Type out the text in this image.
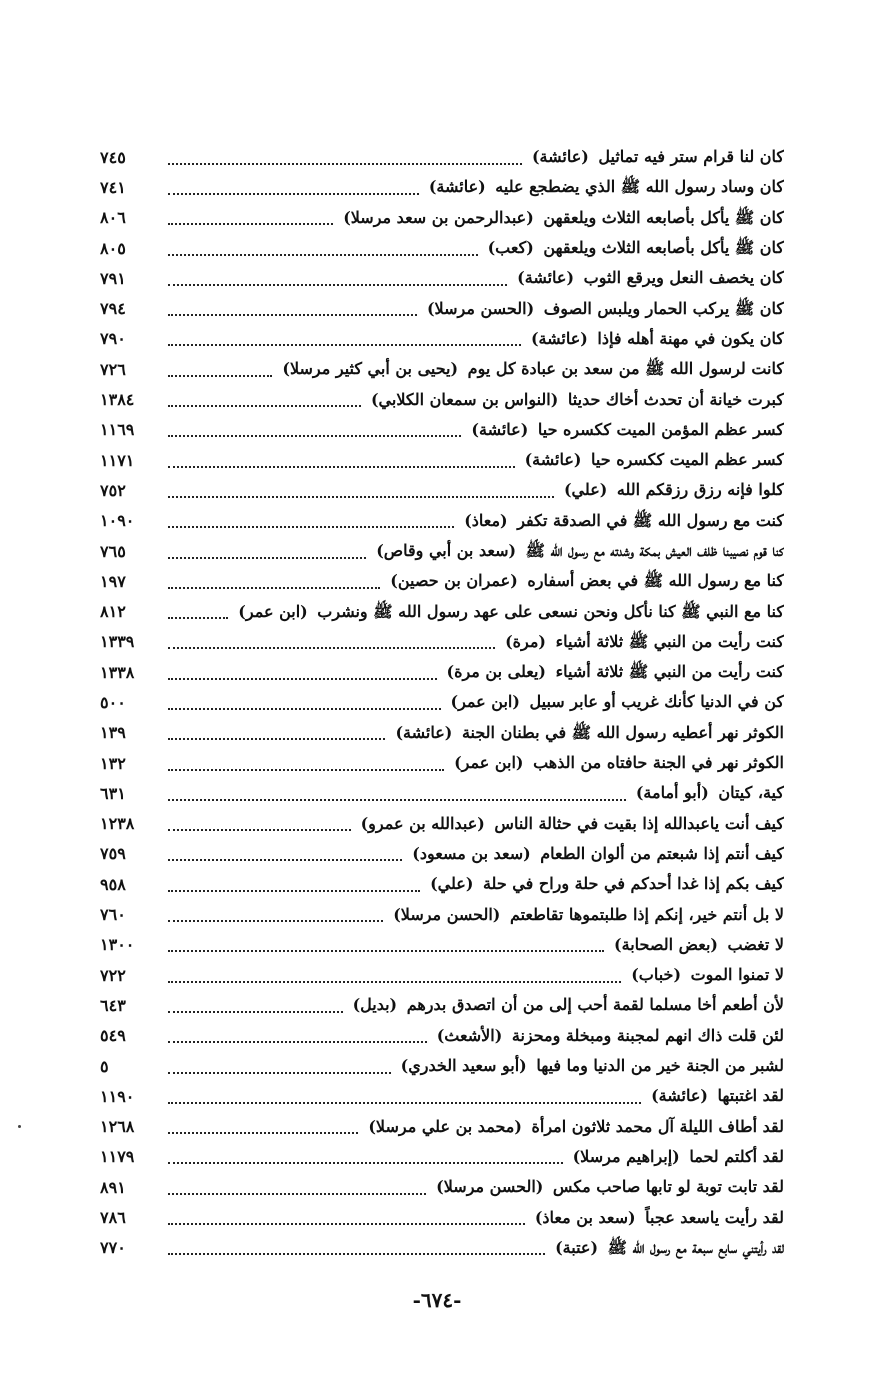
كان لنا قرام ستر فيه تماثيل (عائشة)
٧٤٥
كان وساد رسول الله ﷺ الذي يضطجع عليه (عائشة)
٧٤١
كان ﷺ يأكل بأصابعه الثلاث ويلعقهن (عبدالرحمن بن سعد مرسلا)
٨٠٦
كان ﷺ يأكل بأصابعه الثلاث ويلعقهن (كعب)
٨٠٥
كان يخصف النعل ويرقع الثوب (عائشة)
٧٩١
كان ﷺ يركب الحمار ويلبس الصوف (الحسن مرسلا)
٧٩٤
كان يكون في مهنة أهله فإذا (عائشة)
٧٩٠
كانت لرسول الله ﷺ من سعد بن عبادة كل يوم (يحيى بن أبي كثير مرسلا)
٧٢٦
كبرت خيانة أن تحدث أخاك حديثا (النواس بن سمعان الكلابي)
١٣٨٤
كسر عظم المؤمن الميت ككسره حيا (عائشة)
١١٦٩
كسر عظم الميت ككسره حيا (عائشة)
١١٧١
كلوا فإنه رزق رزقكم الله (علي)
٧٥٢
كنت مع رسول الله ﷺ في الصدقة تكفر (معاذ)
١٠٩٠
كنا قوم نصيبنا ظلف العيش بمكة وشدته مع رسول الله ﷺ (سعد بن أبي وقاص)
٧٦٥
كنا مع رسول الله ﷺ في بعض أسفاره (عمران بن حصين)
١٩٧
كنا مع النبي ﷺ كنا نأكل ونحن نسعى على عهد رسول الله ﷺ ونشرب (ابن عمر)
٨١٢
كنت رأيت من النبي ﷺ ثلاثة أشياء (مرة)
١٣٣٩
كنت رأيت من النبي ﷺ ثلاثة أشياء (يعلى بن مرة)
١٣٣٨
كن في الدنيا كأنك غريب أو عابر سبيل (ابن عمر)
٥٠٠
الكوثر نهر أعطيه رسول الله ﷺ في بطنان الجنة (عائشة)
١٣٩
الكوثر نهر في الجنة حافتاه من الذهب (ابن عمر)
١٣٢
كية، كيتان (أبو أمامة)
٦٣١
كيف أنت ياعبدالله إذا بقيت في حثالة الناس (عبدالله بن عمرو)
١٢٣٨
كيف أنتم إذا شبعتم من ألوان الطعام (سعد بن مسعود)
٧٥٩
كيف بكم إذا غدا أحدكم في حلة وراح في حلة (علي)
٩٥٨
لا بل أنتم خير، إنكم إذا طلبتموها تقاطعتم (الحسن مرسلا)
٧٦٠
لا تغضب (بعض الصحابة)
١٣٠٠
لا تمنوا الموت (خباب)
٧٢٢
لأن أطعم أخا مسلما لقمة أحب إلى من أن اتصدق بدرهم (بديل)
٦٤٣
لئن قلت ذاك انهم لمجبنة ومبخلة ومحزنة (الأشعث)
٥٤٩
لشبر من الجنة خير من الدنيا وما فيها (أبو سعيد الخدري)
٥
لقد اغتبتها (عائشة)
١١٩٠
لقد أطاف الليلة آل محمد ثلاثون امرأة (محمد بن علي مرسلا)
١٢٦٨
لقد أكلتم لحما (إبراهيم مرسلا)
١١٧٩
لقد تابت توبة لو تابها صاحب مكس (الحسن مرسلا)
٨٩١
لقد رأيت ياسعد عجباً (سعد بن معاذ)
٧٨٦
لقد رأيتني سابع سبعة مع رسول الله ﷺ (عتبة)
٧٧٠
-٦٧٤-
